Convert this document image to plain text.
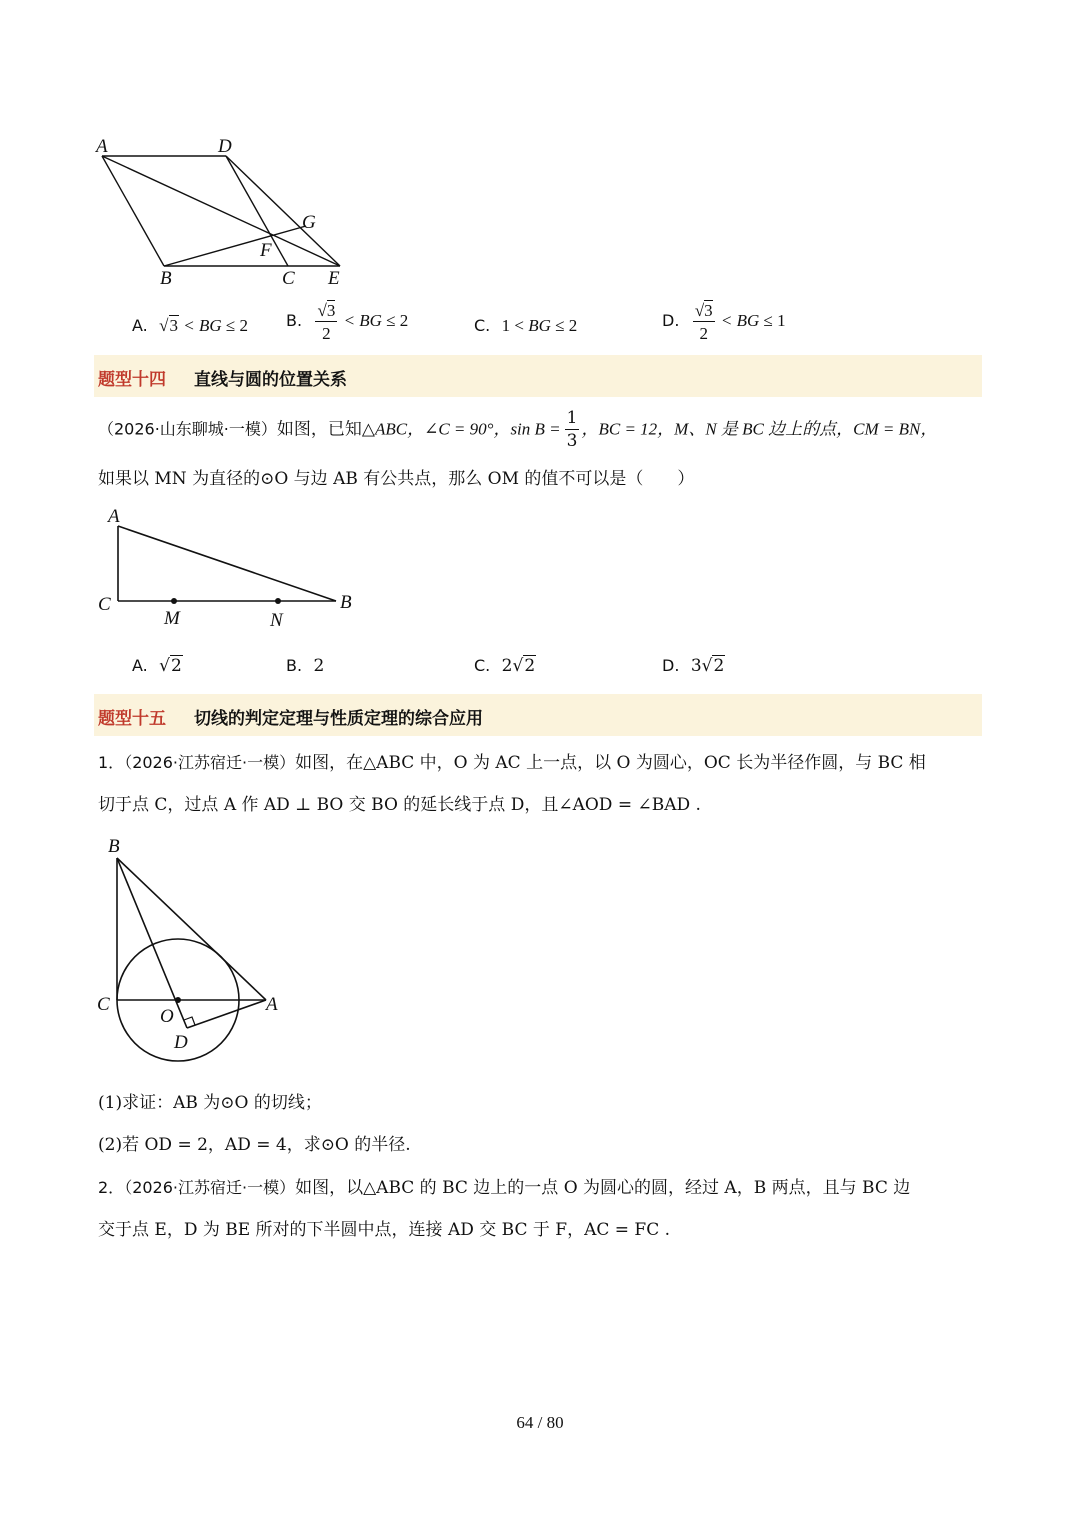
A	D
G
F
B	C E
A. √3 < BG ≤ 2 B. $\frac{√3}{2}$ < BG ≤ 2	C. 1 < BG ≤ 2	D. $\frac{√3}{2}$ < BG ≤ 1
题型十四 直线与圆的位置关系
（2026·山东聊城·一模）如图，已知△ABC，∠C = 90°，$\sin B = \frac{1}{3}$ ，BC = 12，M、N 是 BC 边上的点，CM = BN，
如果以 MN 为直径的⊙O 与边 AB 有公共点，那么 OM 的值不可以是（　　）
A
C
M	N
B
A. √2	B. 2	C. 2√2	D. 3√2
题型十五 切线的判定定理与性质定理的综合应用
1．（2026·江苏宿迁·一模）如图，在△ABC 中，O 为 AC 上一点，以 O 为圆心，OC 长为半径作圆，与 BC 相
切于点 C，过点 A 作 AD ⊥ BO 交 BO 的延长线于点 D，且∠AOD = ∠BAD .
B
C
O
A
D
(1)求证：AB 为⊙O 的切线；
(2)若 OD = 2，AD = 4，求⊙O 的半径.
2．（2026·江苏宿迁·一模）如图，以△ABC 的 BC 边上的一点 O 为圆心的圆，经过 A，B 两点，且与 BC 边
交于点 E，D 为 BE 所对的下半圆中点，连接 AD 交 BC 于 F，AC = FC .
64 / 80
